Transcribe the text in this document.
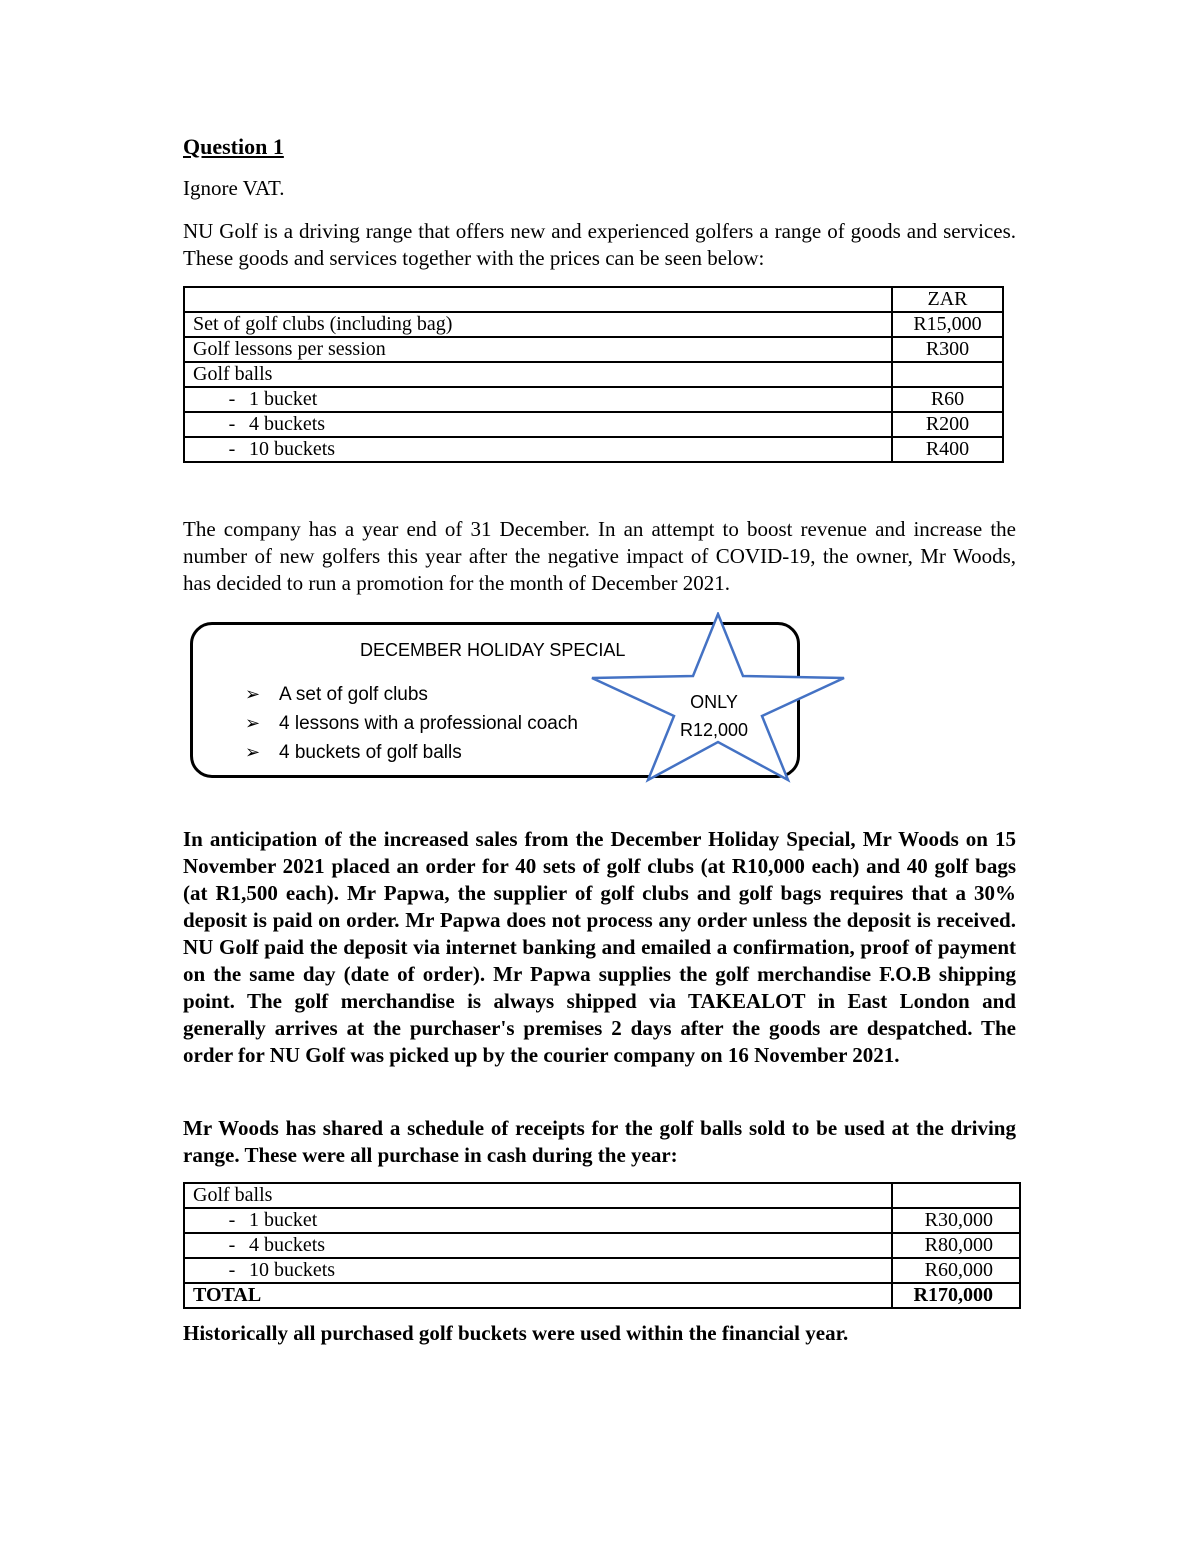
Question 1
Ignore VAT.
NU Golf is a driving range that offers new and experienced golfers a range of goods and services. These goods and services together with the prices can be seen below:
	ZAR
Set of golf clubs (including bag)	R15,000
Golf lessons per session	R300
Golf balls	
- 1 bucket	R60
- 4 buckets	R200
- 10 buckets	R400
The company has a year end of 31 December. In an attempt to boost revenue and increase the number of new golfers this year after the negative impact of COVID-19, the owner, Mr Woods, has decided to run a promotion for the month of December 2021.
DECEMBER HOLIDAY SPECIAL
➢ A set of golf clubs
➢ 4 lessons with a professional coach
➢ 4 buckets of golf balls
ONLY
R12,000
In anticipation of the increased sales from the December Holiday Special, Mr Woods on 15 November 2021 placed an order for 40 sets of golf clubs (at R10,000 each) and 40 golf bags (at R1,500 each). Mr Papwa, the supplier of golf clubs and golf bags requires that a 30% deposit is paid on order. Mr Papwa does not process any order unless the deposit is received. NU Golf paid the deposit via internet banking and emailed a confirmation, proof of payment on the same day (date of order). Mr Papwa supplies the golf merchandise F.O.B shipping point. The golf merchandise is always shipped via TAKEALOT in East London and generally arrives at the purchaser's premises 2 days after the goods are despatched. The order for NU Golf was picked up by the courier company on 16 November 2021.
Mr Woods has shared a schedule of receipts for the golf balls sold to be used at the driving range. These were all purchase in cash during the year:
Golf balls	
- 1 bucket	R30,000
- 4 buckets	R80,000
- 10 buckets	R60,000
TOTAL	R170,000
Historically all purchased golf buckets were used within the financial year.
